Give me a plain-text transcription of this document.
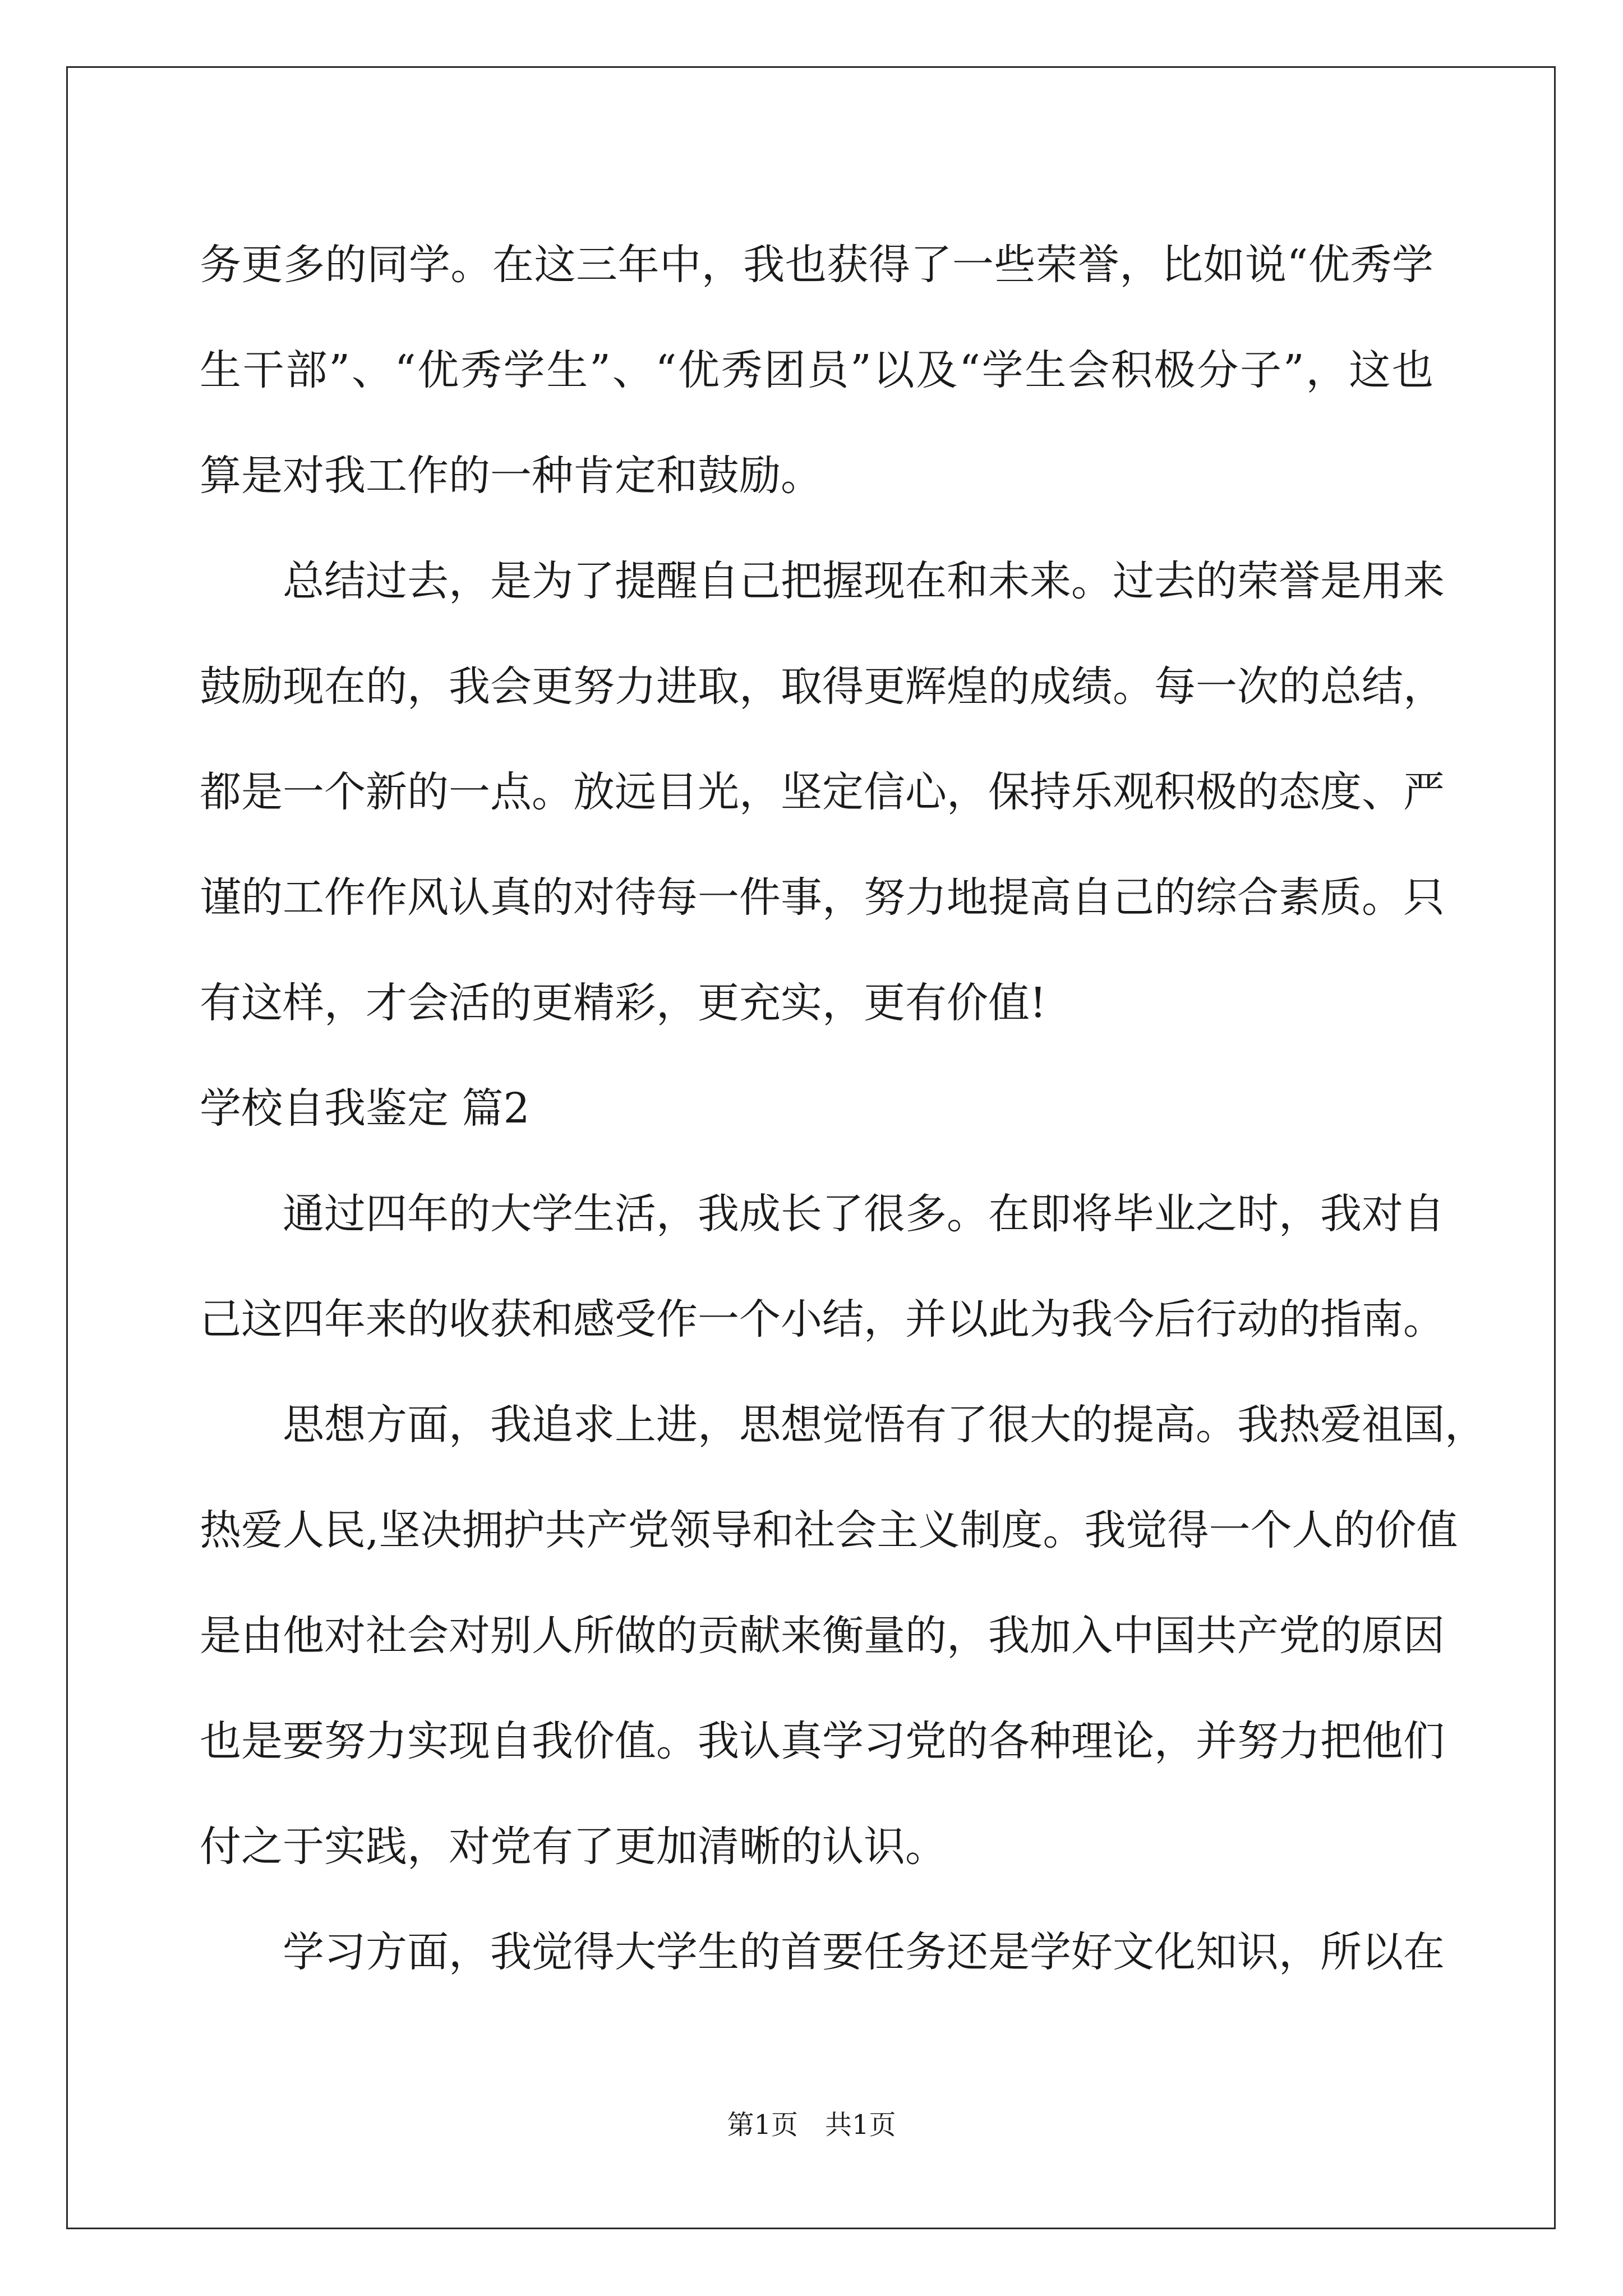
务更多的同学。在这三年中，我也获得了一些荣誉，比如说“优秀学
生干部”、“优秀学生”、“优秀团员”以及“学生会积极分子”，这也
算是对我工作的一种肯定和鼓励。
总结过去，是为了提醒自己把握现在和未来。过去的荣誉是用来
鼓励现在的，我会更努力进取，取得更辉煌的成绩。每一次的总结，
都是一个新的一点。放远目光，坚定信心，保持乐观积极的态度、严
谨的工作作风认真的对待每一件事，努力地提高自己的综合素质。只
有这样，才会活的更精彩，更充实，更有价值!
学校自我鉴定 篇2
通过四年的大学生活，我成长了很多。在即将毕业之时，我对自
己这四年来的收获和感受作一个小结，并以此为我今后行动的指南。
思想方面，我追求上进，思想觉悟有了很大的提高。我热爱祖国，
热爱人民,坚决拥护共产党领导和社会主义制度。我觉得一个人的价值
是由他对社会对别人所做的贡献来衡量的，我加入中国共产党的原因
也是要努力实现自我价值。我认真学习党的各种理论，并努力把他们
付之于实践，对党有了更加清晰的认识。
学习方面，我觉得大学生的首要任务还是学好文化知识，所以在
第1页　共1页
